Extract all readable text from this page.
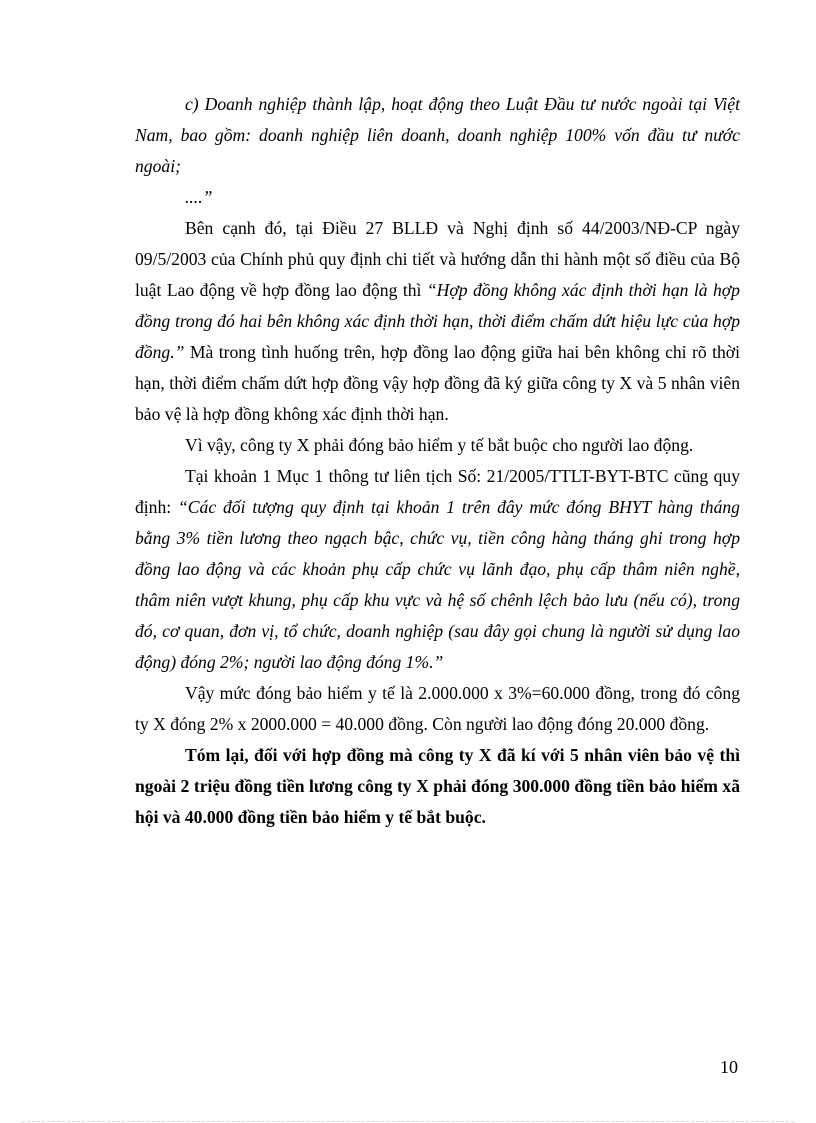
c) Doanh nghiệp thành lập, hoạt động theo Luật Đầu tư nước ngoài tại Việt Nam, bao gồm: doanh nghiệp liên doanh, doanh nghiệp 100% vốn đầu tư nước ngoài;

....”

Bên cạnh đó, tại Điều 27 BLLĐ và Nghị định số 44/2003/NĐ-CP ngày 09/5/2003 của Chính phủ quy định chi tiết và hướng dẫn thi hành một số điều của Bộ luật Lao động về hợp đồng lao động thì “Hợp đồng không xác định thời hạn là hợp đồng trong đó hai bên không xác định thời hạn, thời điểm chấm dứt hiệu lực của hợp đồng.” Mà trong tình huống trên, hợp đồng lao động giữa hai bên không chỉ rõ thời hạn, thời điểm chấm dứt hợp đồng vậy hợp đồng đã ký giữa công ty X và 5 nhân viên bảo vệ là hợp đồng không xác định thời hạn.

Vì vậy, công ty X phải đóng bảo hiểm y tế bắt buộc cho người lao động.

Tại khoản 1 Mục 1 thông tư liên tịch Số: 21/2005/TTLT-BYT-BTC cũng quy định: “Các đối tượng quy định tại khoản 1 trên đây mức đóng BHYT hàng tháng bằng 3% tiền lương theo ngạch bậc, chức vụ, tiền công hàng tháng ghi trong hợp đồng lao động và các khoản phụ cấp chức vụ lãnh đạo, phụ cấp thâm niên nghề, thâm niên vượt khung, phụ cấp khu vực và hệ số chênh lệch bảo lưu (nếu có), trong đó, cơ quan, đơn vị, tổ chức, doanh nghiệp (sau đây gọi chung là người sử dụng lao động) đóng 2%; người lao động đóng 1%.”

Vậy mức đóng bảo hiểm y tế là 2.000.000 x 3%=60.000 đồng, trong đó công ty X đóng 2% x 2000.000 = 40.000 đồng. Còn người lao động đóng 20.000 đồng.

Tóm lại, đối với hợp đồng mà công ty X đã kí với 5 nhân viên bảo vệ thì ngoài 2 triệu đồng tiền lương công ty X phải đóng 300.000 đồng tiền bảo hiểm xã hội và 40.000 đồng tiền bảo hiểm y tế bắt buộc.

10
